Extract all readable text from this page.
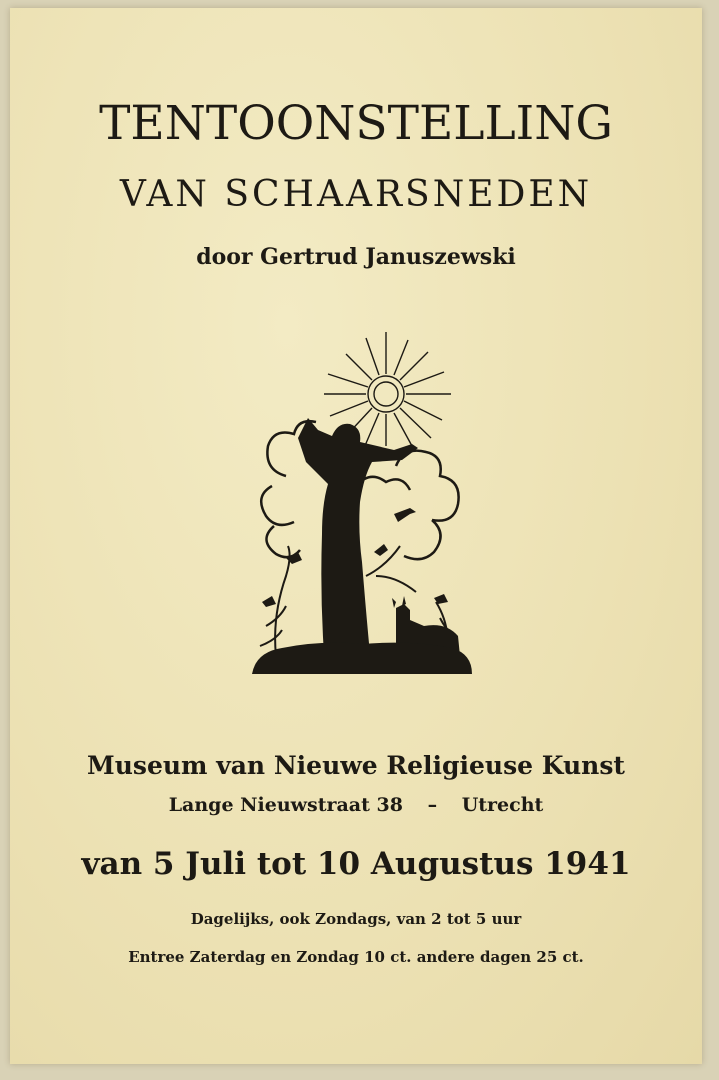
TENTOONSTELLING
VAN SCHAARSNEDEN
door Gertrud Januszewski
Museum van Nieuwe Religieuse Kunst
Lange Nieuwstraat 38 – Utrecht
van 5 Juli tot 10 Augustus 1941
Dagelijks, ook Zondags, van 2 tot 5 uur
Entree Zaterdag en Zondag 10 ct. andere dagen 25 ct.
